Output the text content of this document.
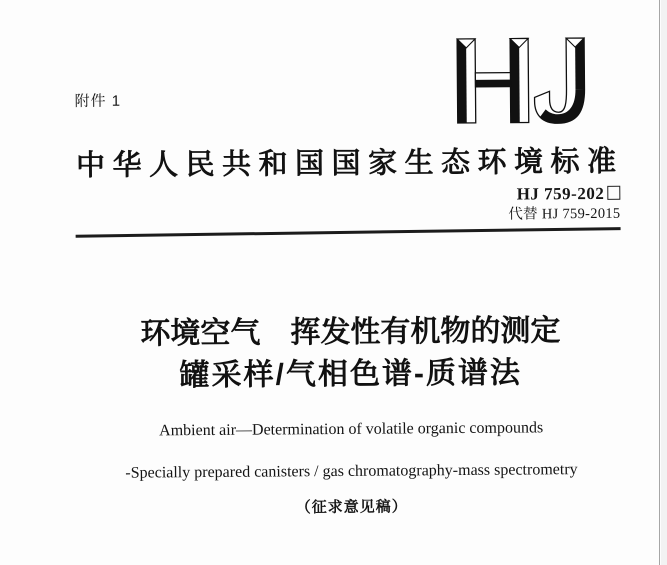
附件 1
中华人民共和国国家生态环境标准
HJ 759-202
代替 HJ 759-2015
环境空气　挥发性有机物的测定
罐采样/气相色谱-质谱法
Ambient air—Determination of volatile organic compounds
-Specially prepared canisters / gas chromatography-mass spectrometry
（征求意见稿）
